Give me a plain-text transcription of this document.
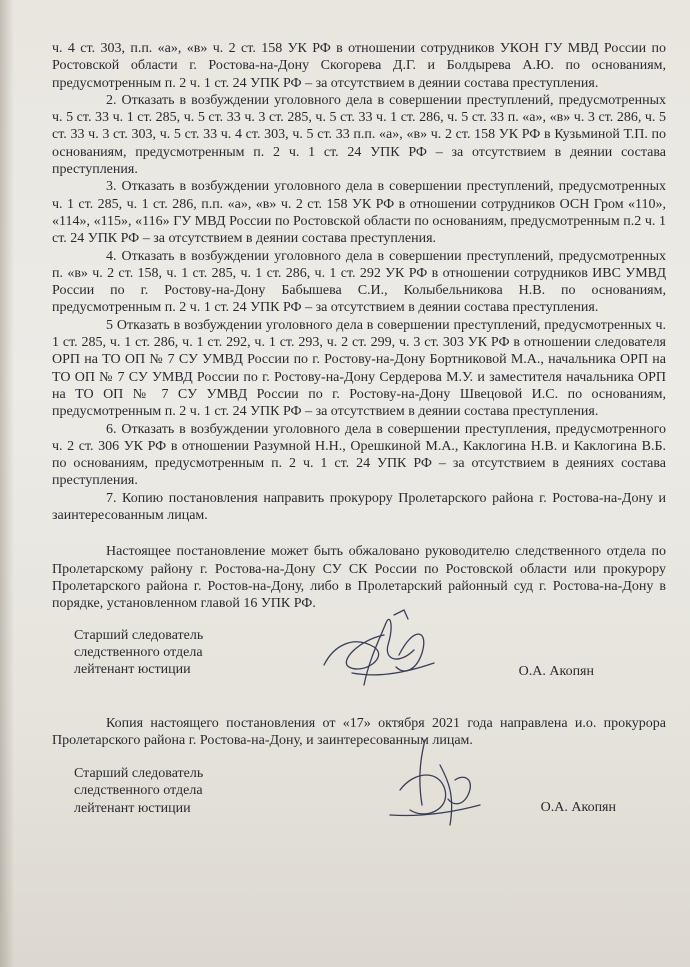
ч. 4 ст. 303, п.п. «а», «в» ч. 2 ст. 158 УК РФ в отношении сотрудников УКОН ГУ МВД России по Ростовской области г. Ростова-на-Дону Скогорева Д.Г. и Болдырева А.Ю. по основаниям, предусмотренным п. 2 ч. 1 ст. 24 УПК РФ – за отсутствием в деянии состава преступления.

2. Отказать в возбуждении уголовного дела в совершении преступлений, предусмотренных ч. 5 ст. 33 ч. 1 ст. 285, ч. 5 ст. 33 ч. 3 ст. 285, ч. 5 ст. 33 ч. 1 ст. 286, ч. 5 ст. 33 п. «а», «в» ч. 3 ст. 286, ч. 5 ст. 33 ч. 3 ст. 303, ч. 5 ст. 33 ч. 4 ст. 303, ч. 5 ст. 33 п.п. «а», «в» ч. 2 ст. 158 УК РФ в Кузьминой Т.П. по основаниям, предусмотренным п. 2 ч. 1 ст. 24 УПК РФ – за отсутствием в деянии состава преступления.

3. Отказать в возбуждении уголовного дела в совершении преступлений, предусмотренных ч. 1 ст. 285, ч. 1 ст. 286, п.п. «а», «в» ч. 2 ст. 158 УК РФ в отношении сотрудников ОСН Гром «110», «114», «115», «116» ГУ МВД России по Ростовской области по основаниям, предусмотренным п.2 ч. 1 ст. 24 УПК РФ – за отсутствием в деянии состава преступления.

4. Отказать в возбуждении уголовного дела в совершении преступлений, предусмотренных п. «в» ч. 2 ст. 158, ч. 1 ст. 285, ч. 1 ст. 286, ч. 1 ст. 292 УК РФ в отношении сотрудников ИВС УМВД России по г. Ростову-на-Дону Бабышева С.И., Колыбельникова Н.В. по основаниям, предусмотренным п. 2 ч. 1 ст. 24 УПК РФ – за отсутствием в деянии состава преступления.

5 Отказать в возбуждении уголовного дела в совершении преступлений, предусмотренных ч. 1 ст. 285, ч. 1 ст. 286, ч. 1 ст. 292, ч. 1 ст. 293, ч. 2 ст. 299, ч. 3 ст. 303 УК РФ в отношении следователя ОРП на ТО ОП № 7 СУ УМВД России по г. Ростову-на-Дону Бортниковой М.А., начальника ОРП на ТО ОП № 7 СУ УМВД России по г. Ростову-на-Дону Сердерова М.У. и заместителя начальника ОРП на ТО ОП № 7 СУ УМВД России по г. Ростову-на-Дону Швецовой И.С. по основаниям, предусмотренным п. 2 ч. 1 ст. 24 УПК РФ – за отсутствием в деянии состава преступления.

6. Отказать в возбуждении уголовного дела в совершении преступления, предусмотренного ч. 2 ст. 306 УК РФ в отношении Разумной Н.Н., Орешкиной М.А., Каклогина Н.В. и Каклогина В.Б. по основаниям, предусмотренным п. 2 ч. 1 ст. 24 УПК РФ – за отсутствием в деяниях состава преступления.

7. Копию постановления направить прокурору Пролетарского района г. Ростова-на-Дону и заинтересованным лицам.

Настоящее постановление может быть обжаловано руководителю следственного отдела по Пролетарскому району г. Ростова-на-Дону СУ СК России по Ростовской области или прокурору Пролетарского района г. Ростов-на-Дону, либо в Пролетарский районный суд г. Ростова-на-Дону в порядке, установленном главой 16 УПК РФ.

Старший следователь
следственного отдела
лейтенант юстиции	О.А. Акопян

Копия настоящего постановления от «17» октября 2021 года направлена и.о. прокурора Пролетарского района г. Ростова-на-Дону, и заинтересованным лицам.

Старший следователь
следственного отдела
лейтенант юстиции	О.А. Акопян
